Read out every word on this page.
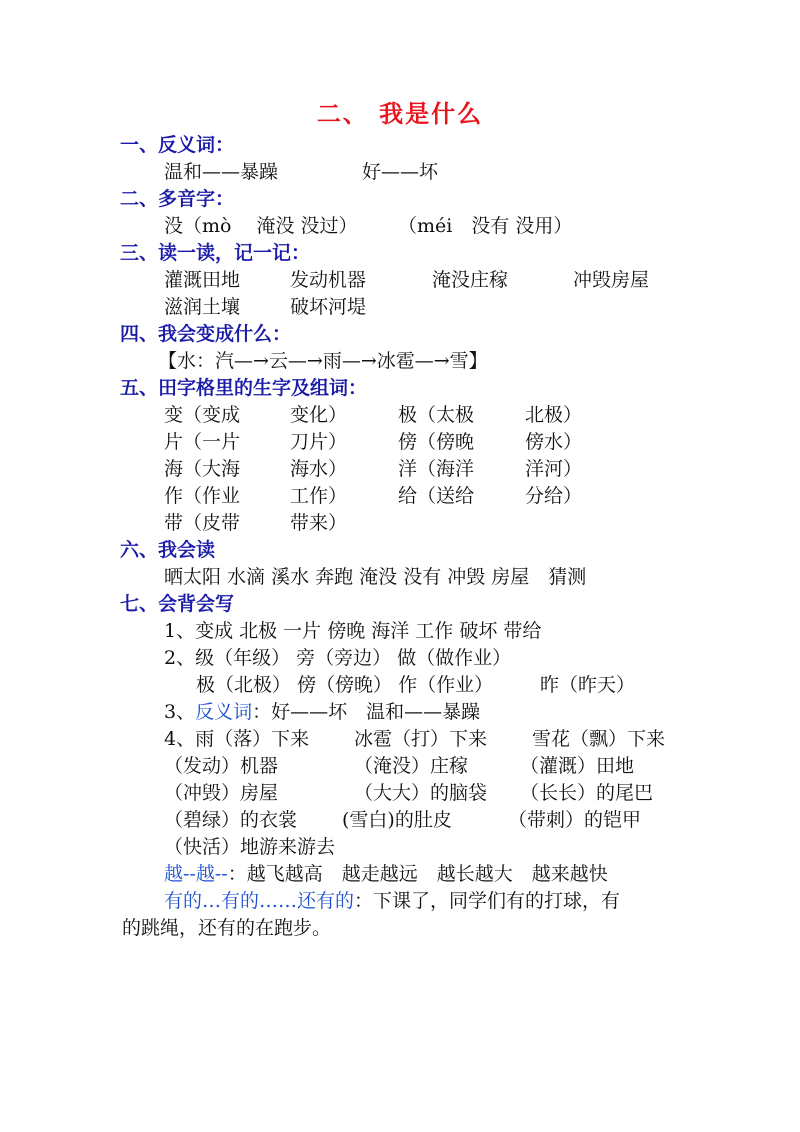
二、 我是什么
一、反义词：
温和——暴躁	好——坏
二、多音字：
没（mò　 淹没 没过） （méi　没有 没用）
三、读一读，记一记：
灌溉田地	发动机器	淹没庄稼	冲毁房屋
滋润土壤	破坏河堤
四、我会变成什么：
【水：汽—→云—→雨—→冰雹—→雪】
五、田字格里的生字及组词：
变（变成	变化）	极（太极	北极）
片（一片	刀片）	傍（傍晚	傍水）
海（大海	海水）	洋（海洋	洋河）
作（作业	工作）	给（送给	分给）
带（皮带	带来）
六、我会读
晒太阳 水滴 溪水 奔跑 淹没 没有 冲毁 房屋　猜测
七、会背会写
1、变成 北极 一片 傍晚 海洋 工作 破坏 带给
2、级（年级） 旁（旁边） 做（做作业）
极（北极） 傍（傍晚） 作（作业） 昨（昨天）
3、反义词：好——坏　温和——暴躁
4、雨（落）下来 冰雹（打）下来 雪花（飘）下来
（发动）机器	（淹没）庄稼	（灌溉）田地
（冲毁）房屋	（大大）的脑袋 （长长）的尾巴
（碧绿）的衣裳 (雪白)的肚皮	（带刺）的铠甲
（快活）地游来游去
越--越--：越飞越高　越走越远　越长越大　越来越快
有的…有的……还有的：下课了，同学们有的打球，有
的跳绳，还有的在跑步。
